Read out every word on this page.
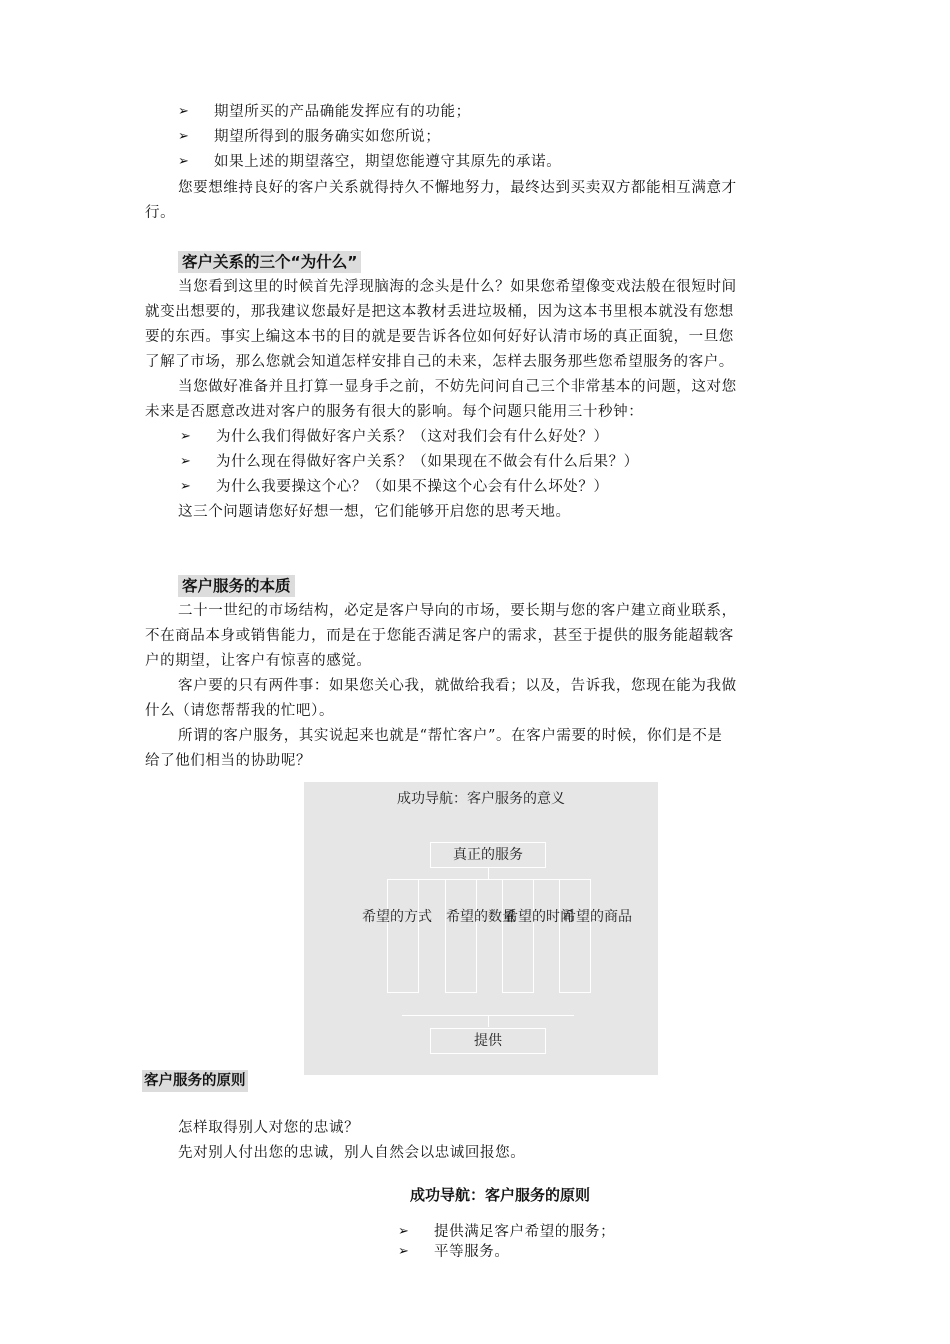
➢ 期望所买的产品确能发挥应有的功能；
➢ 期望所得到的服务确实如您所说；
➢ 如果上述的期望落空，期望您能遵守其原先的承诺。
您要想维持良好的客户关系就得持久不懈地努力，最终达到买卖双方都能相互满意才
行。
客户关系的三个“为什么”
当您看到这里的时候首先浮现脑海的念头是什么？如果您希望像变戏法般在很短时间
就变出想要的，那我建议您最好是把这本教材丢进垃圾桶，因为这本书里根本就没有您想
要的东西。事实上编这本书的目的就是要告诉各位如何好好认清市场的真正面貌，一旦您
了解了市场，那么您就会知道怎样安排自己的未来，怎样去服务那些您希望服务的客户。
当您做好准备并且打算一显身手之前，不妨先问问自己三个非常基本的问题，这对您
未来是否愿意改进对客户的服务有很大的影响。每个问题只能用三十秒钟：
➢ 为什么我们得做好客户关系？（这对我们会有什么好处？）
➢ 为什么现在得做好客户关系？（如果现在不做会有什么后果？）
➢ 为什么我要操这个心？（如果不操这个心会有什么坏处？）
这三个问题请您好好想一想，它们能够开启您的思考天地。
客户服务的本质
二十一世纪的市场结构，必定是客户导向的市场，要长期与您的客户建立商业联系，
不在商品本身或销售能力，而是在于您能否满足客户的需求，甚至于提供的服务能超载客
户的期望，让客户有惊喜的感觉。
客户要的只有两件事：如果您关心我，就做给我看；以及，告诉我，您现在能为我做
什么（请您帮帮我的忙吧）。
所谓的客户服务，其实说起来也就是“帮忙客户”。在客户需要的时候，你们是不是
给了他们相当的协助呢？
成功导航：客户服务的意义
真正的服务
希望的方式	希望的数量
希望的时间
希望的商品
提供
客户服务的原则
怎样取得别人对您的忠诚？
先对别人付出您的忠诚，别人自然会以忠诚回报您。
成功导航：客户服务的原则
➢ 提供满足客户希望的服务；
➢ 平等服务。
